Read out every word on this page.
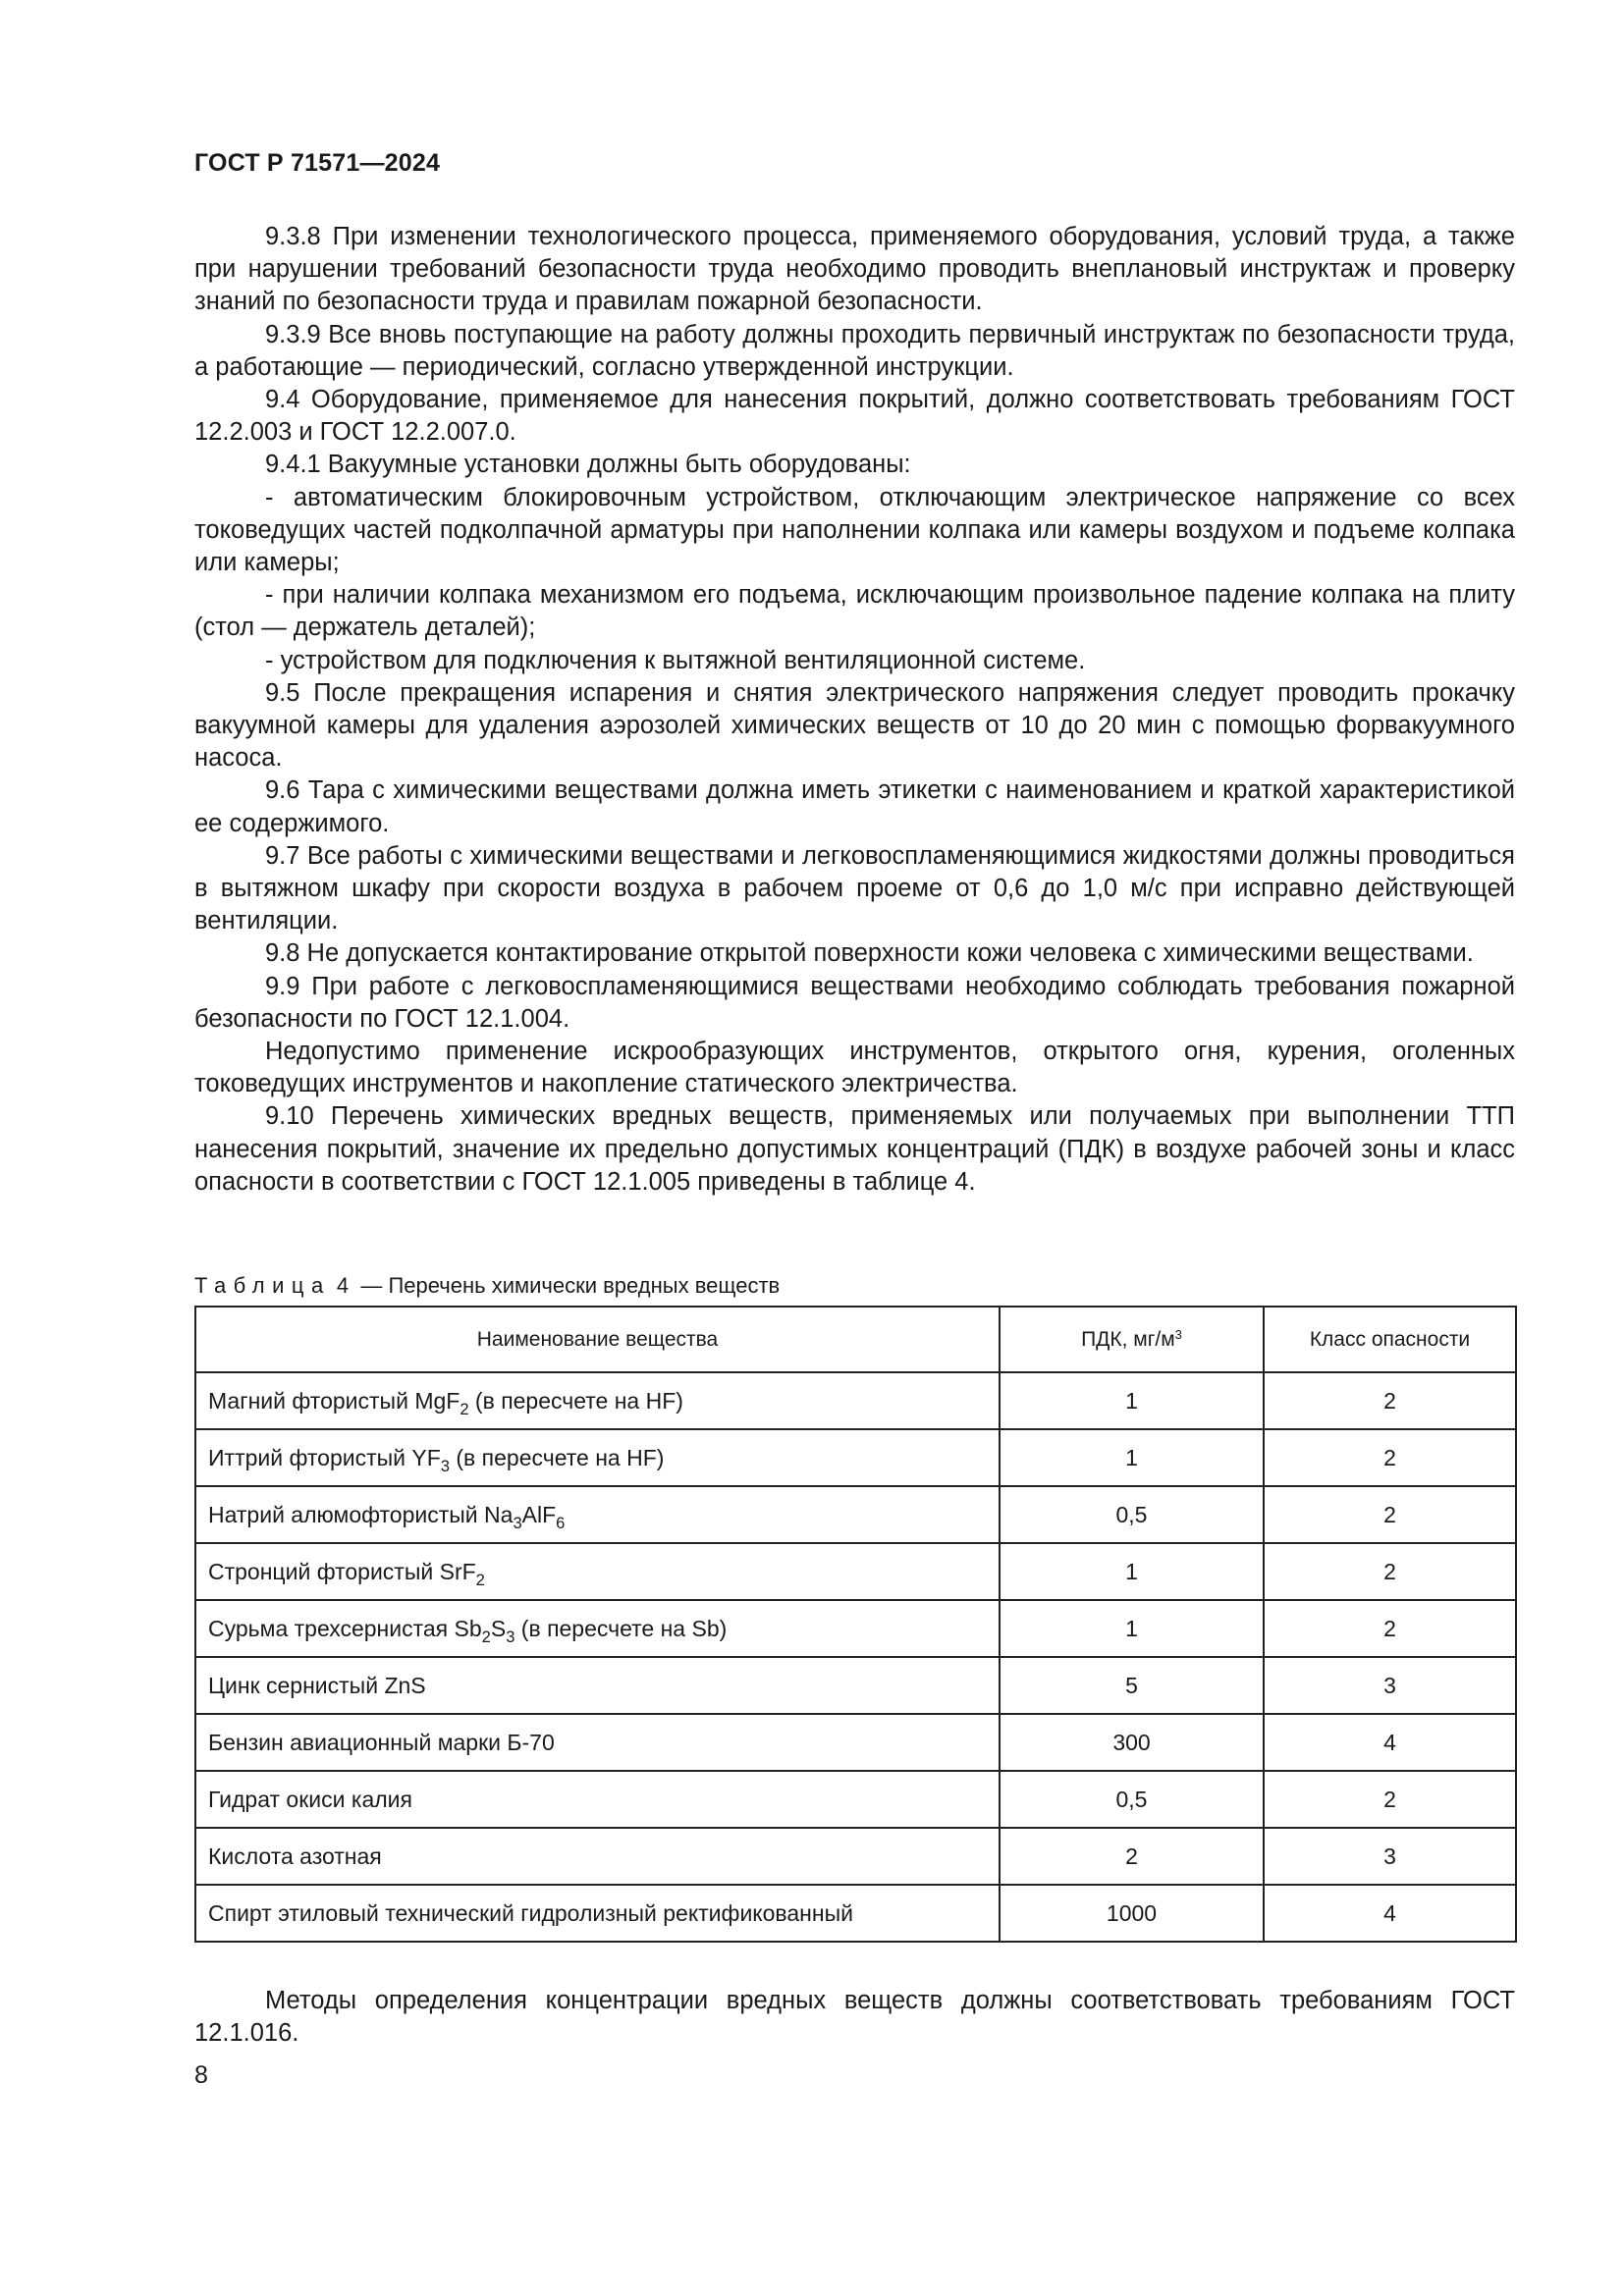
ГОСТ Р 71571—2024

9.3.8 При изменении технологического процесса, применяемого оборудования, условий труда, а также при нарушении требований безопасности труда необходимо проводить внеплановый инструктаж и проверку знаний по безопасности труда и правилам пожарной безопасности.

9.3.9 Все вновь поступающие на работу должны проходить первичный инструктаж по безопасности труда, а работающие — периодический, согласно утвержденной инструкции.

9.4 Оборудование, применяемое для нанесения покрытий, должно соответствовать требованиям ГОСТ 12.2.003 и ГОСТ 12.2.007.0.

9.4.1 Вакуумные установки должны быть оборудованы:

- автоматическим блокировочным устройством, отключающим электрическое напряжение со всех токоведущих частей подколпачной арматуры при наполнении колпака или камеры воздухом и подъеме колпака или камеры;

- при наличии колпака механизмом его подъема, исключающим произвольное падение колпака на плиту (стол — держатель деталей);

- устройством для подключения к вытяжной вентиляционной системе.

9.5 После прекращения испарения и снятия электрического напряжения следует проводить прокачку вакуумной камеры для удаления аэрозолей химических веществ от 10 до 20 мин с помощью форвакуумного насоса.

9.6 Тара с химическими веществами должна иметь этикетки с наименованием и краткой характеристикой ее содержимого.

9.7 Все работы с химическими веществами и легковоспламеняющимися жидкостями должны проводиться в вытяжном шкафу при скорости воздуха в рабочем проеме от 0,6 до 1,0 м/с при исправно действующей вентиляции.

9.8 Не допускается контактирование открытой поверхности кожи человека с химическими веществами.

9.9 При работе с легковоспламеняющимися веществами необходимо соблюдать требования пожарной безопасности по ГОСТ 12.1.004.

Недопустимо применение искрообразующих инструментов, открытого огня, курения, оголенных токоведущих инструментов и накопление статического электричества.

9.10 Перечень химических вредных веществ, применяемых или получаемых при выполнении ТТП нанесения покрытий, значение их предельно допустимых концентраций (ПДК) в воздухе рабочей зоны и класс опасности в соответствии с ГОСТ 12.1.005 приведены в таблице 4.

Таблица 4 — Перечень химически вредных веществ
Наименование вещества	ПДК, $мг/м^3$	Класс опасности
Магний фтористый MgF$_2$ (в пересчете на HF)	1	2
Иттрий фтористый $YF_3$ (в пересчете на HF)	1	2
Натрий алюмофтористый $Na_3AlF_6$	0,5	2
Стронций фтористый SrF$_2$	1	2
Сурьма трехсернистая $Sb_2S_3$ (в пересчете на Sb)	1	2
Цинк сернистый ZnS	5	3
Бензин авиационный марки Б-70	300	4
Гидрат окиси калия	0,5	2
Кислота азотная	2	3
Спирт этиловый технический гидролизный ректификованный	1000	4

Методы определения концентрации вредных веществ должны соответствовать требованиям ГОСТ 12.1.016.

8
